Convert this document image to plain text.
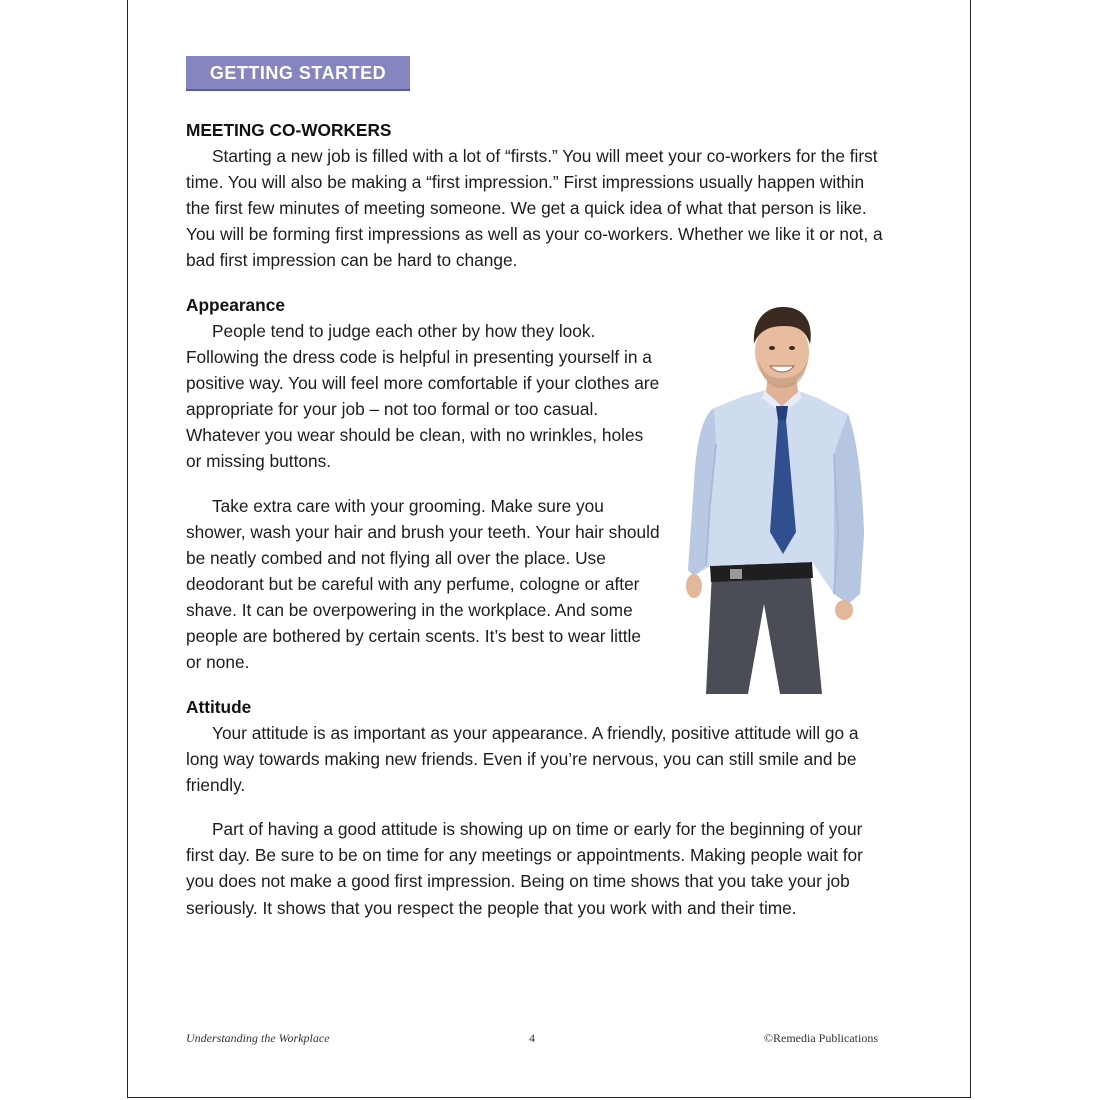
GETTING STARTED
MEETING CO-WORKERS

Starting a new job is filled with a lot of “firsts.” You will meet your co-workers for the first time. You will also be making a “first impression.” First impressions usually happen within the first few minutes of meeting someone. We get a quick idea of what that person is like. You will be forming first impressions as well as your co-workers. Whether we like it or not, a bad first impression can be hard to change.

Appearance

People tend to judge each other by how they look. Following the dress code is helpful in presenting yourself in a positive way. You will feel more comfortable if your clothes are appropriate for your job – not too formal or too casual. Whatever you wear should be clean, with no wrinkles, holes or missing buttons.

Take extra care with your grooming. Make sure you shower, wash your hair and brush your teeth. Your hair should be neatly combed and not flying all over the place. Use deodorant but be careful with any perfume, cologne or after shave. It can be overpowering in the workplace. And some people are bothered by certain scents. It’s best to wear little or none.

Attitude

Your attitude is as important as your appearance. A friendly, positive attitude will go a long way towards making new friends. Even if you’re nervous, you can still smile and be friendly.

Part of having a good attitude is showing up on time or early for the beginning of your first day. Be sure to be on time for any meetings or appointments. Making people wait for you does not make a good first impression. Being on time shows that you take your job seriously. It shows that you respect the people that you work with and their time.

Understanding the Workplace	4	©Remedia Publications
